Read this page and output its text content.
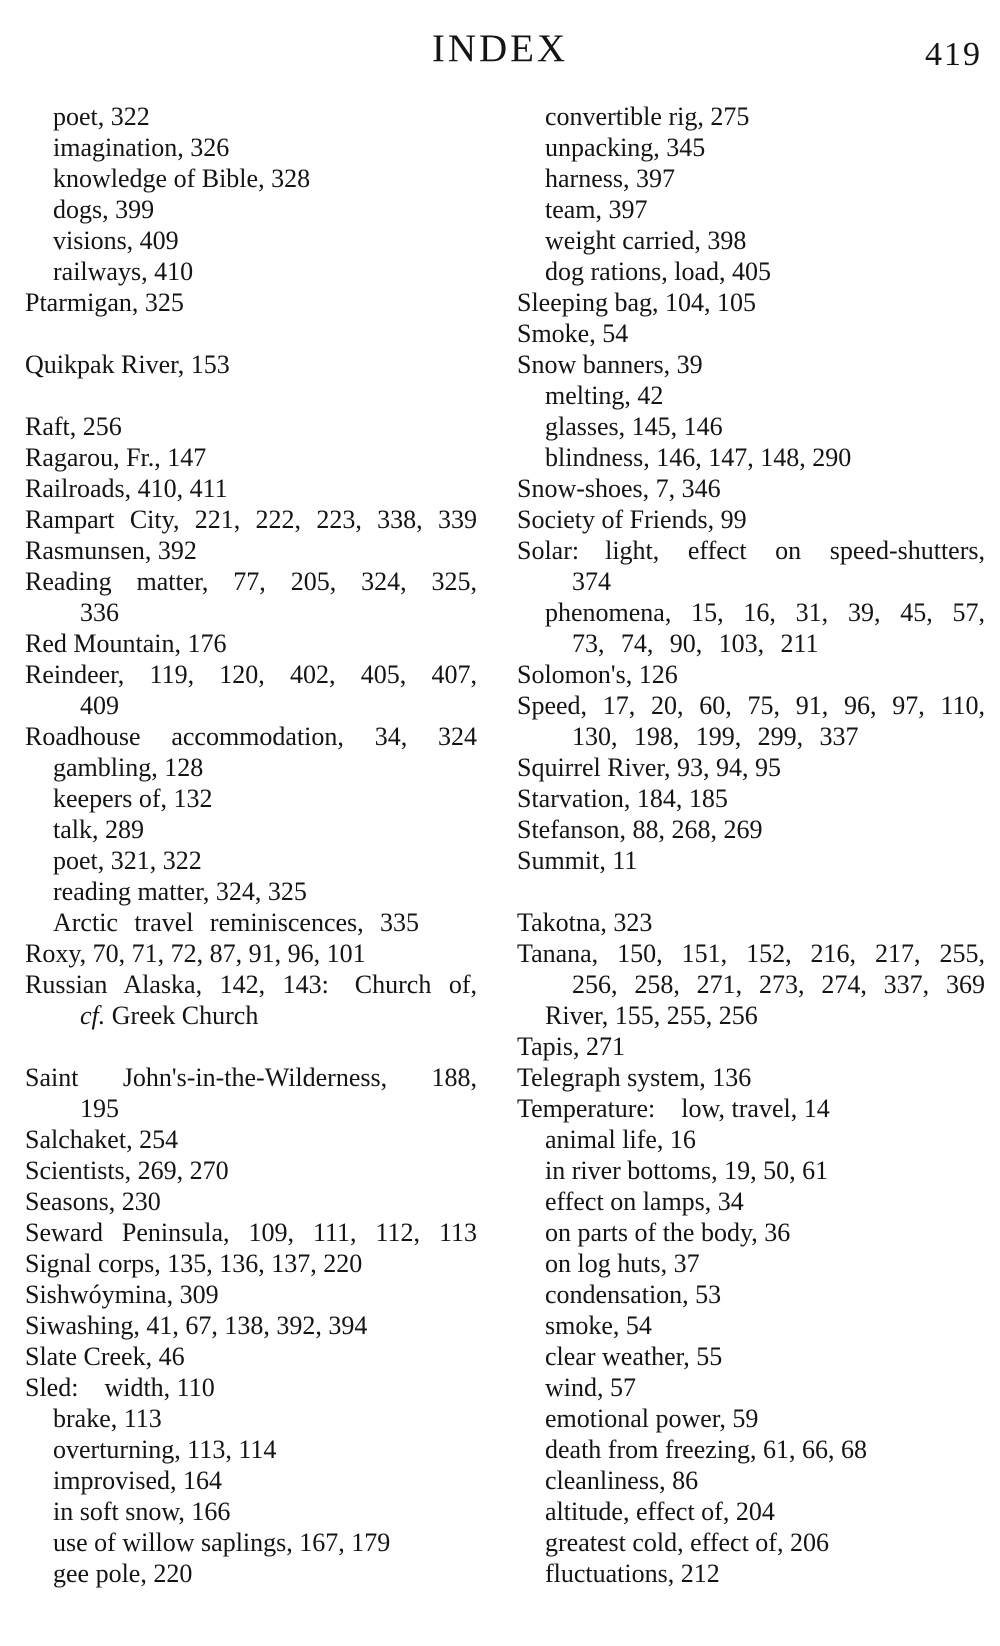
INDEX	419
poet, 322
imagination, 326
knowledge of Bible, 328
dogs, 399
visions, 409
railways, 410
Ptarmigan, 325
Quikpak River, 153
Raft, 256
Ragarou, Fr., 147
Railroads, 410, 411
Rampart City, 221, 222, 223, 338, 339
Rasmunsen, 392
Reading matter, 77, 205, 324, 325,
336
Red Mountain, 176
Reindeer, 119, 120, 402, 405, 407,
409
Roadhouse accommodation, 34, 324
gambling, 128
keepers of, 132
talk, 289
poet, 321, 322
reading matter, 324, 325
Arctic travel reminiscences, 335
Roxy, 70, 71, 72, 87, 91, 96, 101
Russian Alaska, 142, 143: Church of,
cf. Greek Church
Saint John's-in-the-Wilderness, 188,
195
Salchaket, 254
Scientists, 269, 270
Seasons, 230
Seward Peninsula, 109, 111, 112, 113
Signal corps, 135, 136, 137, 220
Sishwóymina, 309
Siwashing, 41, 67, 138, 392, 394
Slate Creek, 46
Sled: width, 110
brake, 113
overturning, 113, 114
improvised, 164
in soft snow, 166
use of willow saplings, 167, 179
gee pole, 220
convertible rig, 275
unpacking, 345
harness, 397
team, 397
weight carried, 398
dog rations, load, 405
Sleeping bag, 104, 105
Smoke, 54
Snow banners, 39
melting, 42
glasses, 145, 146
blindness, 146, 147, 148, 290
Snow-shoes, 7, 346
Society of Friends, 99
Solar: light, effect on speed-shutters,
374
phenomena, 15, 16, 31, 39, 45, 57,
73, 74, 90, 103, 211
Solomon's, 126
Speed, 17, 20, 60, 75, 91, 96, 97, 110,
130, 198, 199, 299, 337
Squirrel River, 93, 94, 95
Starvation, 184, 185
Stefanson, 88, 268, 269
Summit, 11
Takotna, 323
Tanana, 150, 151, 152, 216, 217, 255,
256, 258, 271, 273, 274, 337, 369
River, 155, 255, 256
Tapis, 271
Telegraph system, 136
Temperature: low, travel, 14
animal life, 16
in river bottoms, 19, 50, 61
effect on lamps, 34
on parts of the body, 36
on log huts, 37
condensation, 53
smoke, 54
clear weather, 55
wind, 57
emotional power, 59
death from freezing, 61, 66, 68
cleanliness, 86
altitude, effect of, 204
greatest cold, effect of, 206
fluctuations, 212
